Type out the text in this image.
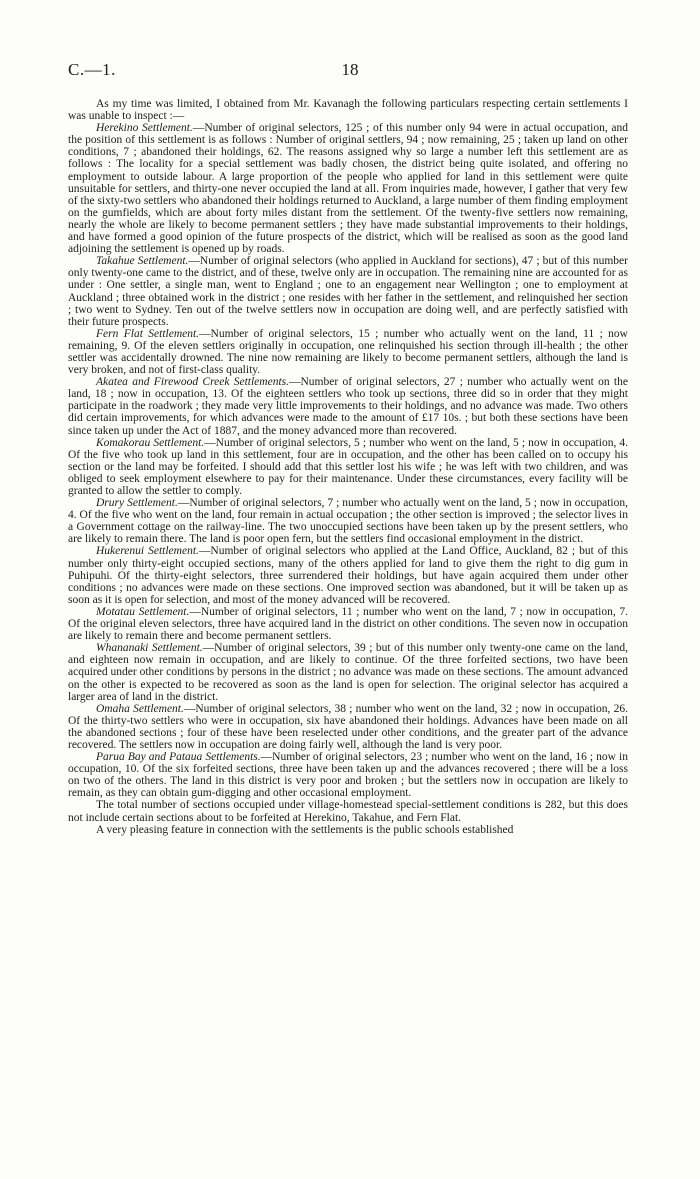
C.—1.	18

As my time was limited, I obtained from Mr. Kavanagh the following particulars respecting certain settlements I was unable to inspect :—

Herekino Settlement.—Number of original selectors, 125 ; of this number only 94 were in actual occupation, and the position of this settlement is as follows : Number of original settlers, 94 ; now remaining, 25 ; taken up land on other conditions, 7 ; abandoned their holdings, 62. The reasons assigned why so large a number left this settlement are as follows : The locality for a special settlement was badly chosen, the district being quite isolated, and offering no employment to outside labour. A large proportion of the people who applied for land in this settlement were quite unsuitable for settlers, and thirty-one never occupied the land at all. From inquiries made, however, I gather that very few of the sixty-two settlers who abandoned their holdings returned to Auckland, a large number of them finding employment on the gumfields, which are about forty miles distant from the settlement. Of the twenty-five settlers now remaining, nearly the whole are likely to become permanent settlers ; they have made substantial improvements to their holdings, and have formed a good opinion of the future prospects of the district, which will be realised as soon as the good land adjoining the settlement is opened up by roads.

Takahue Settlement.—Number of original selectors (who applied in Auckland for sections), 47 ; but of this number only twenty-one came to the district, and of these, twelve only are in occupation. The remaining nine are accounted for as under : One settler, a single man, went to England ; one to an engagement near Wellington ; one to employment at Auckland ; three obtained work in the district ; one resides with her father in the settlement, and relinquished her section ; two went to Sydney. Ten out of the twelve settlers now in occupation are doing well, and are perfectly satisfied with their future prospects.

Fern Flat Settlement.—Number of original selectors, 15 ; number who actually went on the land, 11 ; now remaining, 9. Of the eleven settlers originally in occupation, one relinquished his section through ill-health ; the other settler was accidentally drowned. The nine now remaining are likely to become permanent settlers, although the land is very broken, and not of first-class quality.

Akatea and Firewood Creek Settlements.—Number of original selectors, 27 ; number who actually went on the land, 18 ; now in occupation, 13. Of the eighteen settlers who took up sections, three did so in order that they might participate in the roadwork ; they made very little improvements to their holdings, and no advance was made. Two others did certain improvements, for which advances were made to the amount of £17 10s. ; but both these sections have been since taken up under the Act of 1887, and the money advanced more than recovered.

Komakorau Settlement.—Number of original selectors, 5 ; number who went on the land, 5 ; now in occupation, 4. Of the five who took up land in this settlement, four are in occupation, and the other has been called on to occupy his section or the land may be forfeited. I should add that this settler lost his wife ; he was left with two children, and was obliged to seek employment elsewhere to pay for their maintenance. Under these circumstances, every facility will be granted to allow the settler to comply.

Drury Settlement.—Number of original selectors, 7 ; number who actually went on the land, 5 ; now in occupation, 4. Of the five who went on the land, four remain in actual occupation ; the other section is improved ; the selector lives in a Government cottage on the railway-line. The two unoccupied sections have been taken up by the present settlers, who are likely to remain there. The land is poor open fern, but the settlers find occasional employment in the district.

Hukerenui Settlement.—Number of original selectors who applied at the Land Office, Auckland, 82 ; but of this number only thirty-eight occupied sections, many of the others applied for land to give them the right to dig gum in Puhipuhi. Of the thirty-eight selectors, three surrendered their holdings, but have again acquired them under other conditions ; no advances were made on these sections. One improved section was abandoned, but it will be taken up as soon as it is open for selection, and most of the money advanced will be recovered.

Motatau Settlement.—Number of original selectors, 11 ; number who went on the land, 7 ; now in occupation, 7. Of the original eleven selectors, three have acquired land in the district on other conditions. The seven now in occupation are likely to remain there and become permanent settlers.

Whananaki Settlement.—Number of original selectors, 39 ; but of this number only twenty-one came on the land, and eighteen now remain in occupation, and are likely to continue. Of the three forfeited sections, two have been acquired under other conditions by persons in the district ; no advance was made on these sections. The amount advanced on the other is expected to be recovered as soon as the land is open for selection. The original selector has acquired a larger area of land in the district.

Omaha Settlement.—Number of original selectors, 38 ; number who went on the land, 32 ; now in occupation, 26. Of the thirty-two settlers who were in occupation, six have abandoned their holdings. Advances have been made on all the abandoned sections ; four of these have been reselected under other conditions, and the greater part of the advance recovered. The settlers now in occupation are doing fairly well, although the land is very poor.

Parua Bay and Pataua Settlements.—Number of original selectors, 23 ; number who went on the land, 16 ; now in occupation, 10. Of the six forfeited sections, three have been taken up and the advances recovered ; there will be a loss on two of the others. The land in this district is very poor and broken ; but the settlers now in occupation are likely to remain, as they can obtain gum-digging and other occasional employment.

The total number of sections occupied under village-homestead special-settlement conditions is 282, but this does not include certain sections about to be forfeited at Herekino, Takahue, and Fern Flat.

A very pleasing feature in connection with the settlements is the public schools established
